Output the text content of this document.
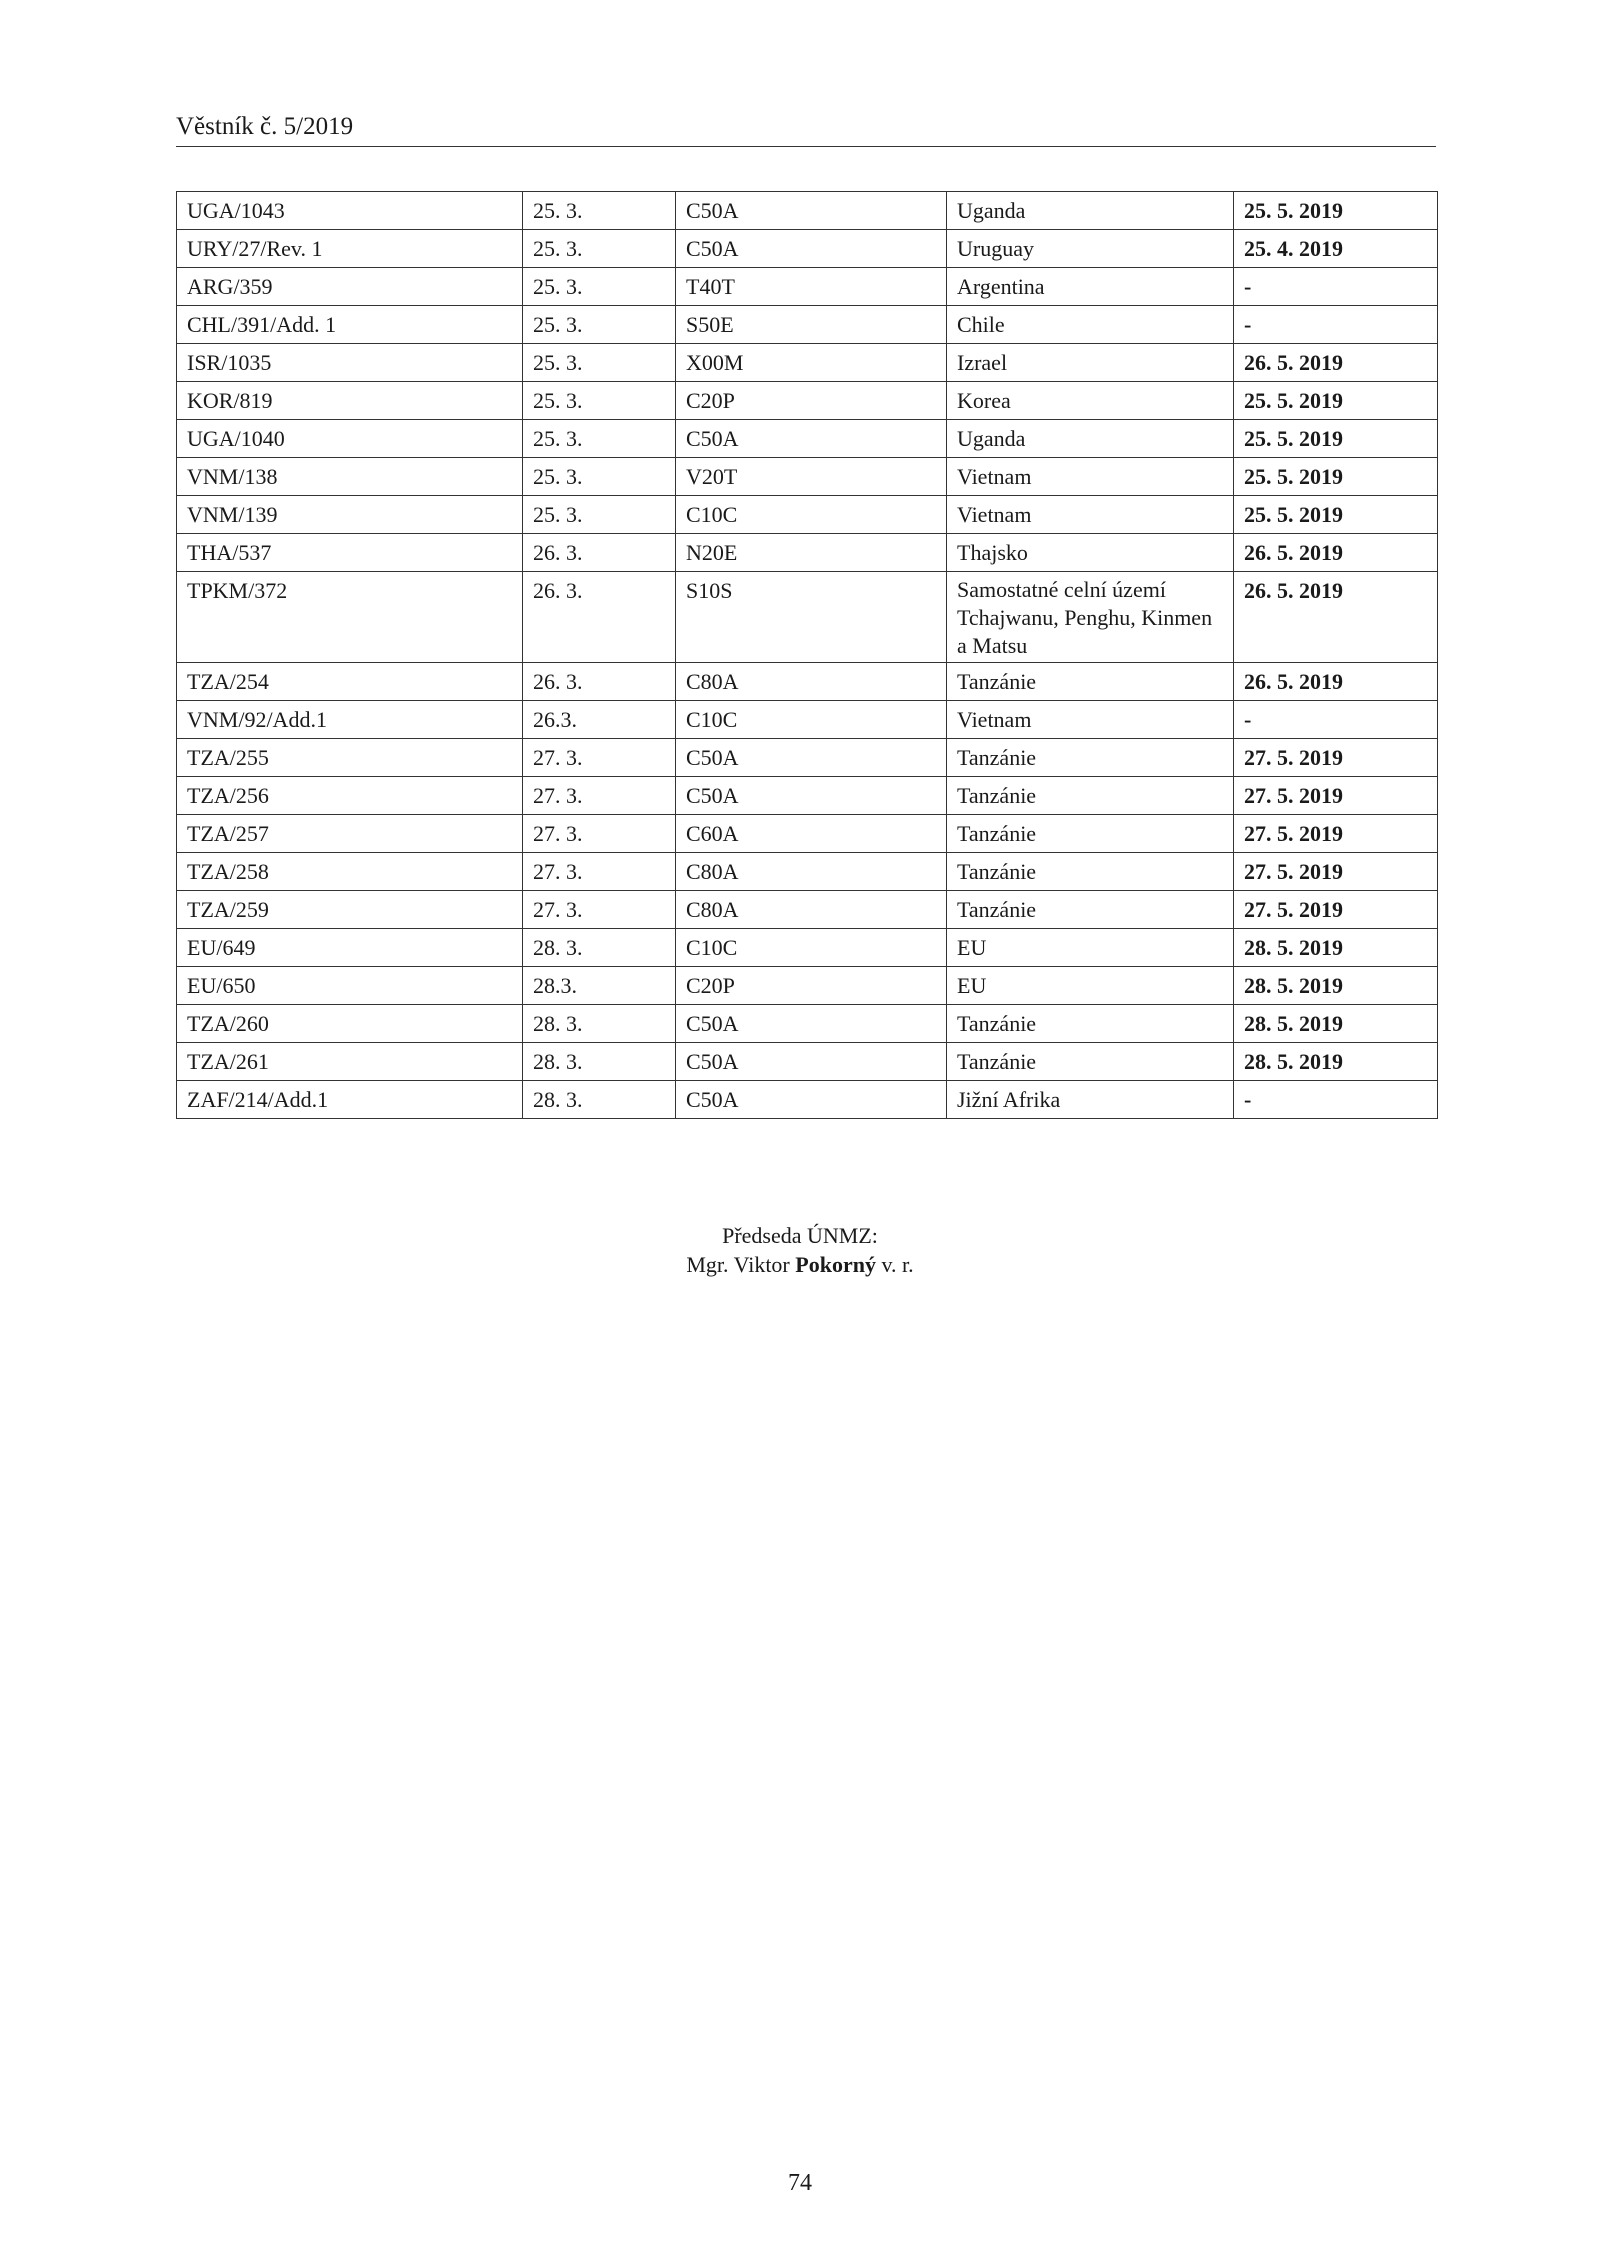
Věstník č. 5/2019
UGA/1043	25. 3.	C50A	Uganda	25. 5. 2019
URY/27/Rev. 1	25. 3.	C50A	Uruguay	25. 4. 2019
ARG/359	25. 3.	T40T	Argentina	-
CHL/391/Add. 1	25. 3.	S50E	Chile	-
ISR/1035	25. 3.	X00M	Izrael	26. 5. 2019
KOR/819	25. 3.	C20P	Korea	25. 5. 2019
UGA/1040	25. 3.	C50A	Uganda	25. 5. 2019
VNM/138	25. 3.	V20T	Vietnam	25. 5. 2019
VNM/139	25. 3.	C10C	Vietnam	25. 5. 2019
THA/537	26. 3.	N20E	Thajsko	26. 5. 2019
TPKM/372	26. 3.	S10S	Samostatné celní území Tchajwanu, Penghu, Kinmen a Matsu	26. 5. 2019
TZA/254	26. 3.	C80A	Tanzánie	26. 5. 2019
VNM/92/Add.1	26.3.	C10C	Vietnam	-
TZA/255	27. 3.	C50A	Tanzánie	27. 5. 2019
TZA/256	27. 3.	C50A	Tanzánie	27. 5. 2019
TZA/257	27. 3.	C60A	Tanzánie	27. 5. 2019
TZA/258	27. 3.	C80A	Tanzánie	27. 5. 2019
TZA/259	27. 3.	C80A	Tanzánie	27. 5. 2019
EU/649	28. 3.	C10C	EU	28. 5. 2019
EU/650	28.3.	C20P	EU	28. 5. 2019
TZA/260	28. 3.	C50A	Tanzánie	28. 5. 2019
TZA/261	28. 3.	C50A	Tanzánie	28. 5. 2019
ZAF/214/Add.1	28. 3.	C50A	Jižní Afrika	-
Předseda ÚNMZ:
Mgr. Viktor Pokorný v. r.
74
